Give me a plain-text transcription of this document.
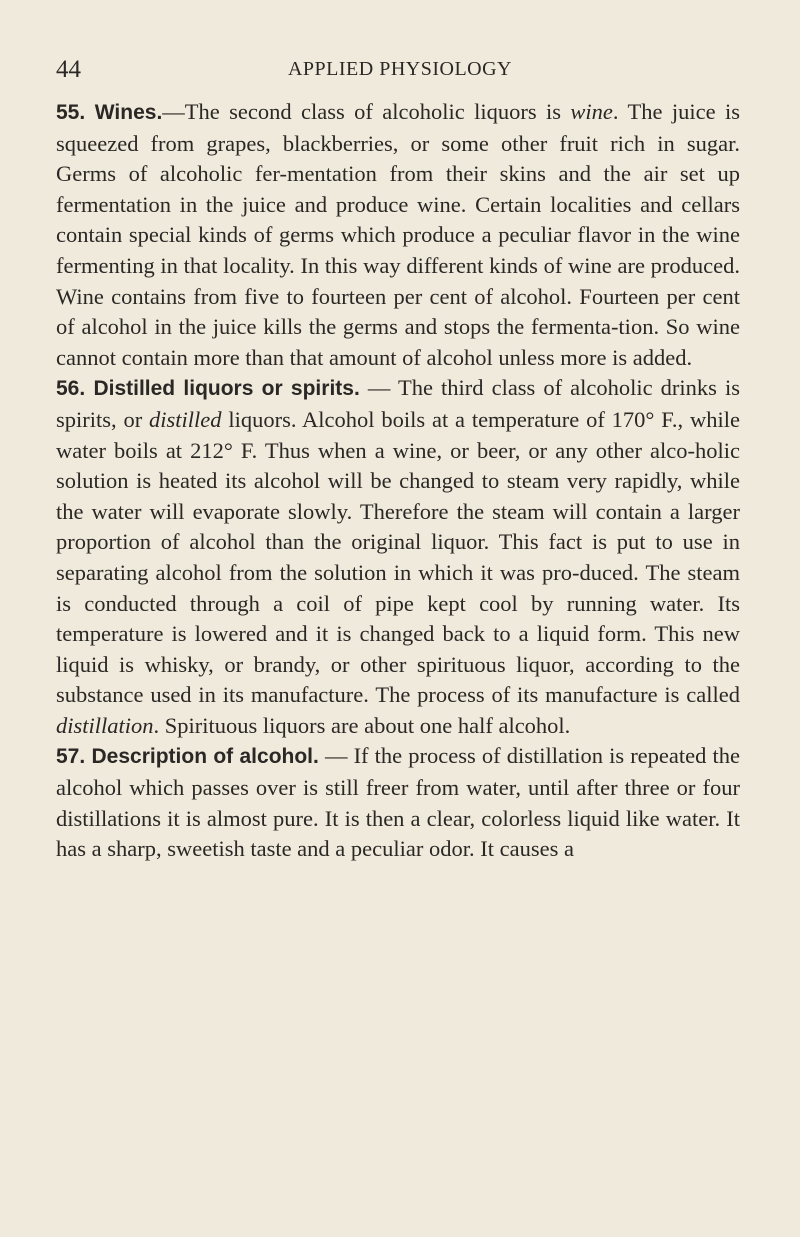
44	APPLIED PHYSIOLOGY

55. Wines.—The second class of alcoholic liquors is wine. The juice is squeezed from grapes, blackberries, or some other fruit rich in sugar. Germs of alcoholic fer-mentation from their skins and the air set up fermentation in the juice and produce wine. Certain localities and cellars contain special kinds of germs which produce a peculiar flavor in the wine fermenting in that locality. In this way different kinds of wine are produced. Wine contains from five to fourteen per cent of alcohol. Fourteen per cent of alcohol in the juice kills the germs and stops the fermenta-tion. So wine cannot contain more than that amount of alcohol unless more is added.

56. Distilled liquors or spirits. — The third class of alcoholic drinks is spirits, or distilled liquors. Alcohol boils at a temperature of 170° F., while water boils at 212° F. Thus when a wine, or beer, or any other alco-holic solution is heated its alcohol will be changed to steam very rapidly, while the water will evaporate slowly. Therefore the steam will contain a larger proportion of alcohol than the original liquor. This fact is put to use in separating alcohol from the solution in which it was pro-duced. The steam is conducted through a coil of pipe kept cool by running water. Its temperature is lowered and it is changed back to a liquid form. This new liquid is whisky, or brandy, or other spirituous liquor, according to the substance used in its manufacture. The process of its manufacture is called distillation. Spirituous liquors are about one half alcohol.

57. Description of alcohol. — If the process of distillation is repeated the alcohol which passes over is still freer from water, until after three or four distillations it is almost pure. It is then a clear, colorless liquid like water. It has a sharp, sweetish taste and a peculiar odor. It causes a
